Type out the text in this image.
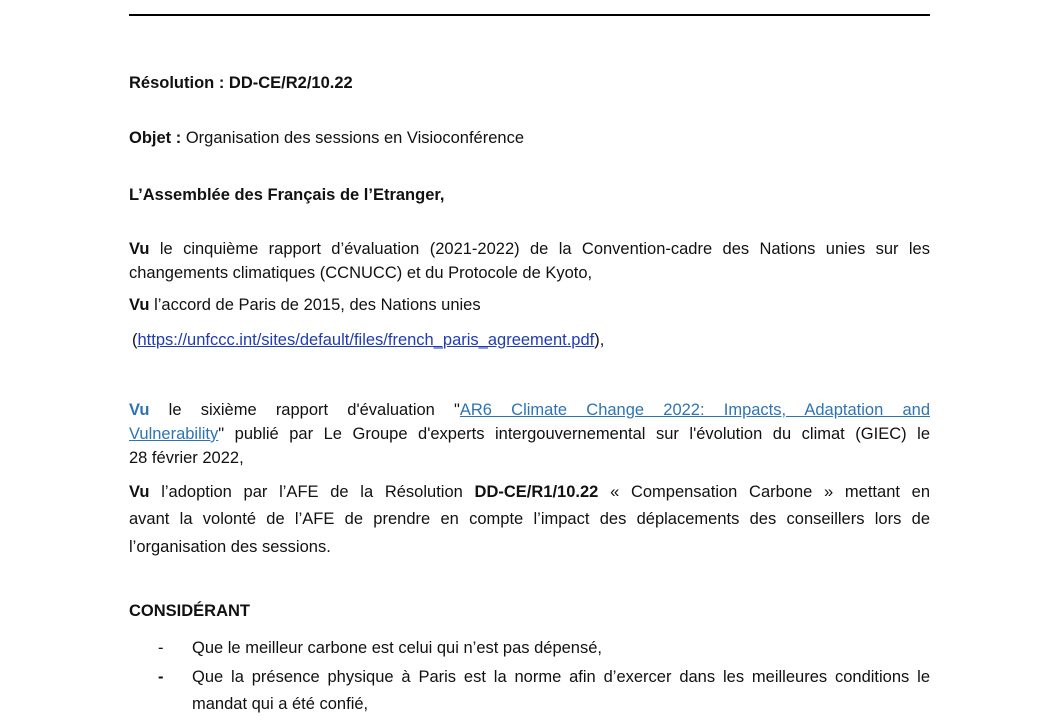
Résolution : DD-CE/R2/10.22
Objet : Organisation des sessions en Visioconférence
L’Assemblée des Français de l’Etranger,
Vu le cinquième rapport d’évaluation (2021-2022) de la Convention-cadre des Nations unies sur les
changements climatiques (CCNUCC) et du Protocole de Kyoto,
Vu l’accord de Paris de 2015, des Nations unies
(https://unfccc.int/sites/default/files/french_paris_agreement.pdf),
Vu le sixième rapport d'évaluation "AR6 Climate Change 2022: Impacts, Adaptation and
Vulnerability" publié par Le Groupe d'experts intergouvernemental sur l'évolution du climat (GIEC) le
28 février 2022,
Vu l’adoption par l’AFE de la Résolution DD-CE/R1/10.22 « Compensation Carbone » mettant en
avant la volonté de l’AFE de prendre en compte l’impact des déplacements des conseillers lors de
l’organisation des sessions.
CONSIDÉRANT
-	Que le meilleur carbone est celui qui n’est pas dépensé,
-	Que la présence physique à Paris est la norme afin d’exercer dans les meilleures conditions le
mandat qui a été confié,
